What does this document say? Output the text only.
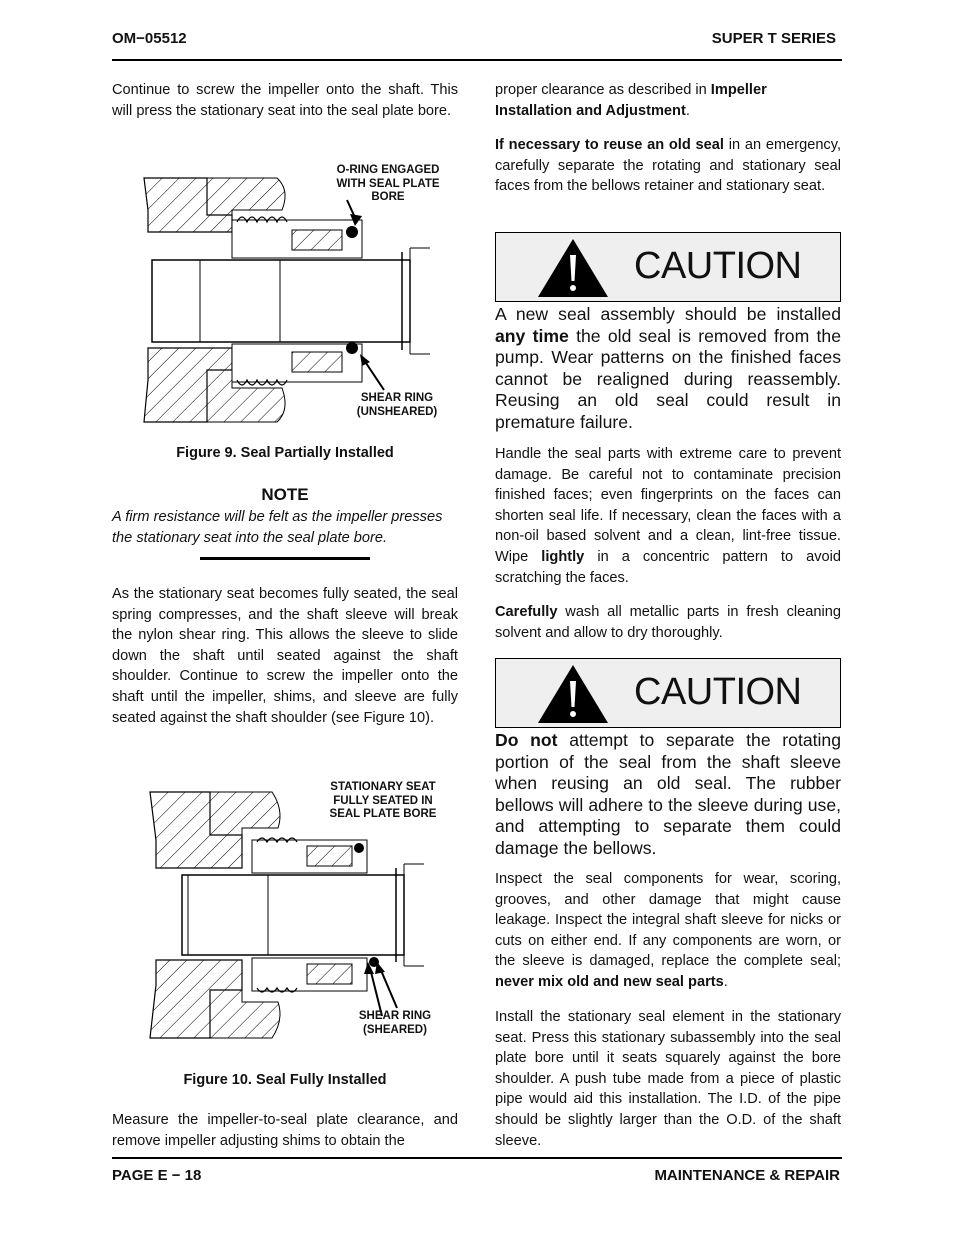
OM−05512	SUPER T SERIES

Continue to screw the impeller onto the shaft. This will press the stationary seat into the seal plate bore.

O-RING ENGAGED WITH SEAL PLATE BORE
SHEAR RING (UNSHEARED)
Figure 9. Seal Partially Installed
NOTE

A firm resistance will be felt as the impeller presses the stationary seat into the seal plate bore.

As the stationary seat becomes fully seated, the seal spring compresses, and the shaft sleeve will break the nylon shear ring. This allows the sleeve to slide down the shaft until seated against the shaft shoulder. Continue to screw the impeller onto the shaft until the impeller, shims, and sleeve are fully seated against the shaft shoulder (see Figure 10).

STATIONARY SEAT FULLY SEATED IN SEAL PLATE BORE
SHEAR RING (SHEARED)
Figure 10. Seal Fully Installed

Measure the impeller-to-seal plate clearance, and remove impeller adjusting shims to obtain the

proper clearance as described in Impeller Installation and Adjustment.

If necessary to reuse an old seal in an emergency, carefully separate the rotating and stationary seal faces from the bellows retainer and stationary seat.

CAUTION

A new seal assembly should be installed any time the old seal is removed from the pump. Wear patterns on the finished faces cannot be realigned during reassembly. Reusing an old seal could result in premature failure.

Handle the seal parts with extreme care to prevent damage. Be careful not to contaminate precision finished faces; even fingerprints on the faces can shorten seal life. If necessary, clean the faces with a non-oil based solvent and a clean, lint-free tissue. Wipe lightly in a concentric pattern to avoid scratching the faces.

Carefully wash all metallic parts in fresh cleaning solvent and allow to dry thoroughly.

CAUTION

Do not attempt to separate the rotating portion of the seal from the shaft sleeve when reusing an old seal. The rubber bellows will adhere to the sleeve during use, and attempting to separate them could damage the bellows.

Inspect the seal components for wear, scoring, grooves, and other damage that might cause leakage. Inspect the integral shaft sleeve for nicks or cuts on either end. If any components are worn, or the sleeve is damaged, replace the complete seal; never mix old and new seal parts.

Install the stationary seal element in the stationary seat. Press this stationary subassembly into the seal plate bore until it seats squarely against the bore shoulder. A push tube made from a piece of plastic pipe would aid this installation. The I.D. of the pipe should be slightly larger than the O.D. of the shaft sleeve.

PAGE E − 18	MAINTENANCE & REPAIR
